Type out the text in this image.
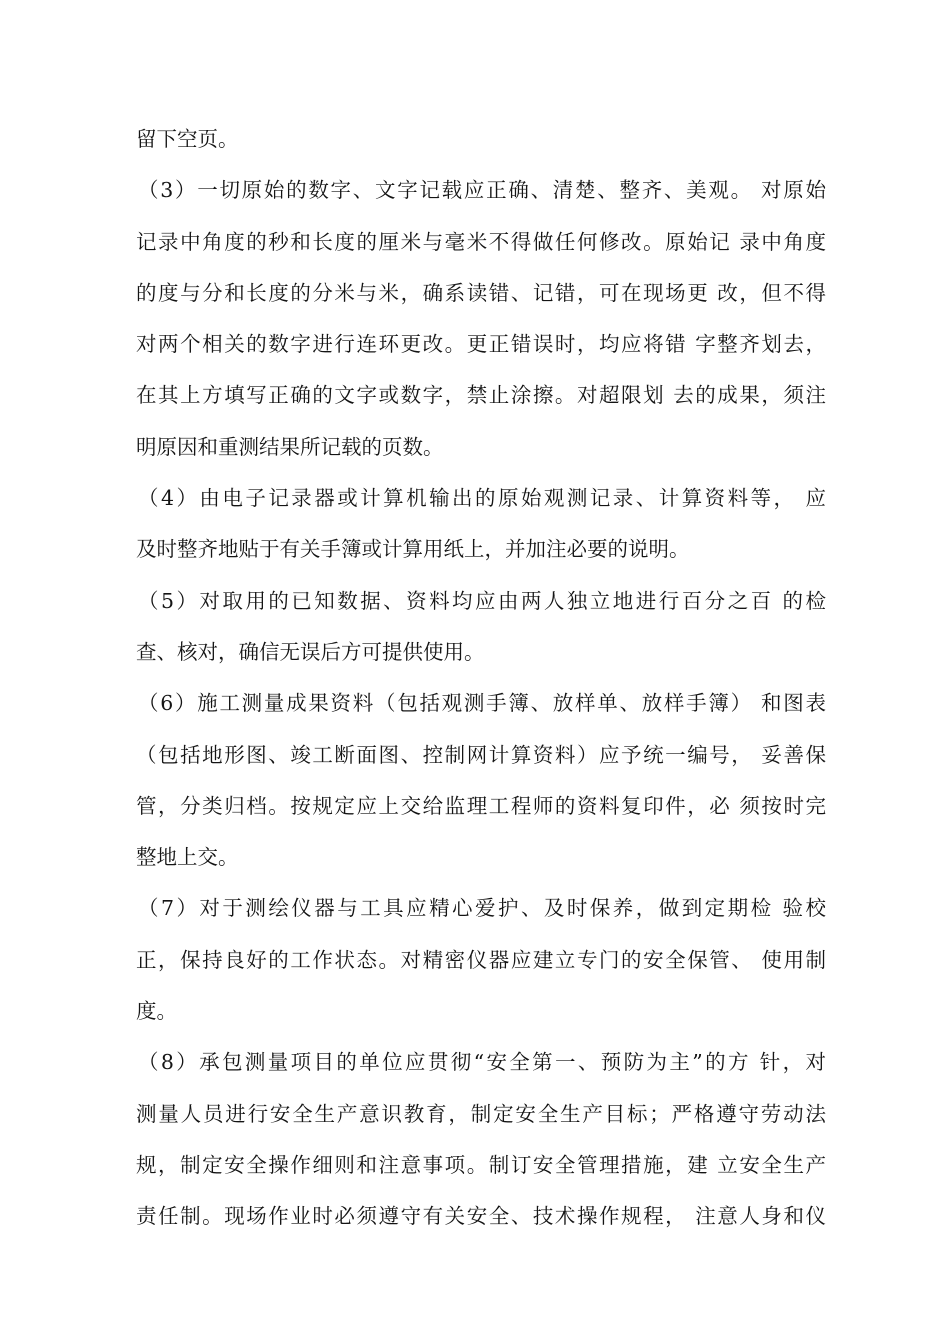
留下空页。
（3）一切原始的数字、文字记载应正确、清楚、整齐、美观。 对原始
记录中角度的秒和长度的厘米与毫米不得做任何修改。原始记 录中角度
的度与分和长度的分米与米，确系读错、记错，可在现场更 改，但不得
对两个相关的数字进行连环更改。更正错误时，均应将错 字整齐划去，
在其上方填写正确的文字或数字，禁止涂擦。对超限划 去的成果，须注
明原因和重测结果所记载的页数。
（4）由电子记录器或计算机输出的原始观测记录、计算资料等， 应
及时整齐地贴于有关手簿或计算用纸上，并加注必要的说明。
（5）对取用的已知数据、资料均应由两人独立地进行百分之百 的检
查、核对，确信无误后方可提供使用。
（6）施工测量成果资料（包括观测手簿、放样单、放样手簿） 和图表
（包括地形图、竣工断面图、控制网计算资料）应予统一编号， 妥善保
管，分类归档。按规定应上交给监理工程师的资料复印件，必 须按时完
整地上交。
（7）对于测绘仪器与工具应精心爱护、及时保养，做到定期检 验校
正，保持良好的工作状态。对精密仪器应建立专门的安全保管、 使用制
度。
（8）承包测量项目的单位应贯彻“安全第一、预防为主”的方 针，对
测量人员进行安全生产意识教育，制定安全生产目标；严格遵守劳动法
规，制定安全操作细则和注意事项。制订安全管理措施，建 立安全生产
责任制。现场作业时必须遵守有关安全、技术操作规程， 注意人身和仪
